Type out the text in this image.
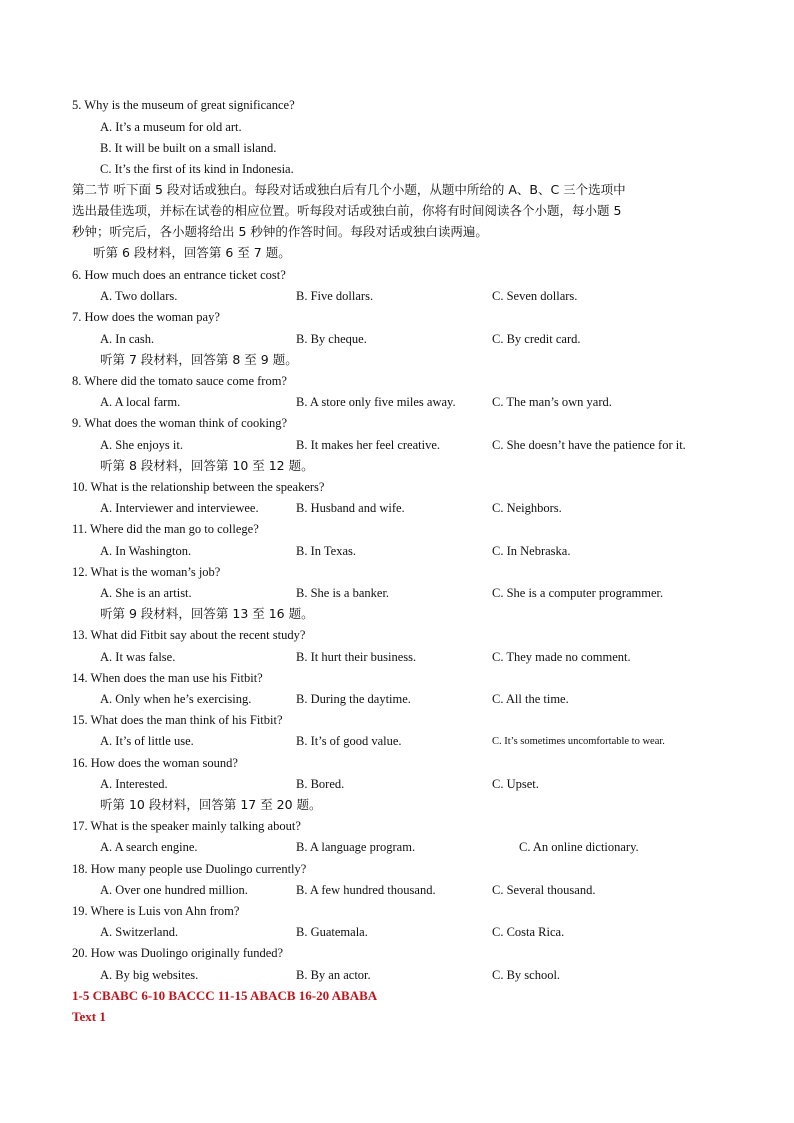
5. Why is the museum of great significance?
A. It’s a museum for old art.
B. It will be built on a small island.
C. It’s the first of its kind in Indonesia.
第二节 听下面 5 段对话或独白。每段对话或独白后有几个小题，从题中所给的 A、B、C 三个选项中
选出最佳选项，并标在试卷的相应位置。听每段对话或独白前，你将有时间阅读各个小题，每小题 5
秒钟；听完后，各小题将给出 5 秒钟的作答时间。每段对话或独白读两遍。
听第 6 段材料，回答第 6 至 7 题。
6. How much does an entrance ticket cost?
A. Two dollars.	B. Five dollars.	C. Seven dollars.
7. How does the woman pay?
A. In cash.	B. By cheque.	C. By credit card.
听第 7 段材料，回答第 8 至 9 题。
8. Where did the tomato sauce come from?
A. A local farm.	B. A store only five miles away.	C. The man’s own yard.
9. What does the woman think of cooking?
A. She enjoys it.	B. It makes her feel creative.	C. She doesn’t have the patience for it.
听第 8 段材料，回答第 10 至 12 题。
10. What is the relationship between the speakers?
A. Interviewer and interviewee.	B. Husband and wife.	C. Neighbors.
11. Where did the man go to college?
A. In Washington.	B. In Texas.	C. In Nebraska.
12. What is the woman’s job?
A. She is an artist.	B. She is a banker.	C. She is a computer programmer.
听第 9 段材料，回答第 13 至 16 题。
13. What did Fitbit say about the recent study?
A. It was false.	B. It hurt their business.	C. They made no comment.
14. When does the man use his Fitbit?
A. Only when he’s exercising.	B. During the daytime.	C. All the time.
15. What does the man think of his Fitbit?
A. It’s of little use.	B. It’s of good value.	C. It’s sometimes uncomfortable to wear.
16. How does the woman sound?
A. Interested.	B. Bored.	C. Upset.
听第 10 段材料，回答第 17 至 20 题。
17. What is the speaker mainly talking about?
A. A search engine.	B. A language program.	C. An online dictionary.
18. How many people use Duolingo currently?
A. Over one hundred million.	B. A few hundred thousand.	C. Several thousand.
19. Where is Luis von Ahn from?
A. Switzerland.	B. Guatemala.	C. Costa Rica.
20. How was Duolingo originally funded?
A. By big websites.	B. By an actor.	C. By school.
1-5 CBABC 6-10 BACCC 11-15 ABACB 16-20 ABABA
Text 1
